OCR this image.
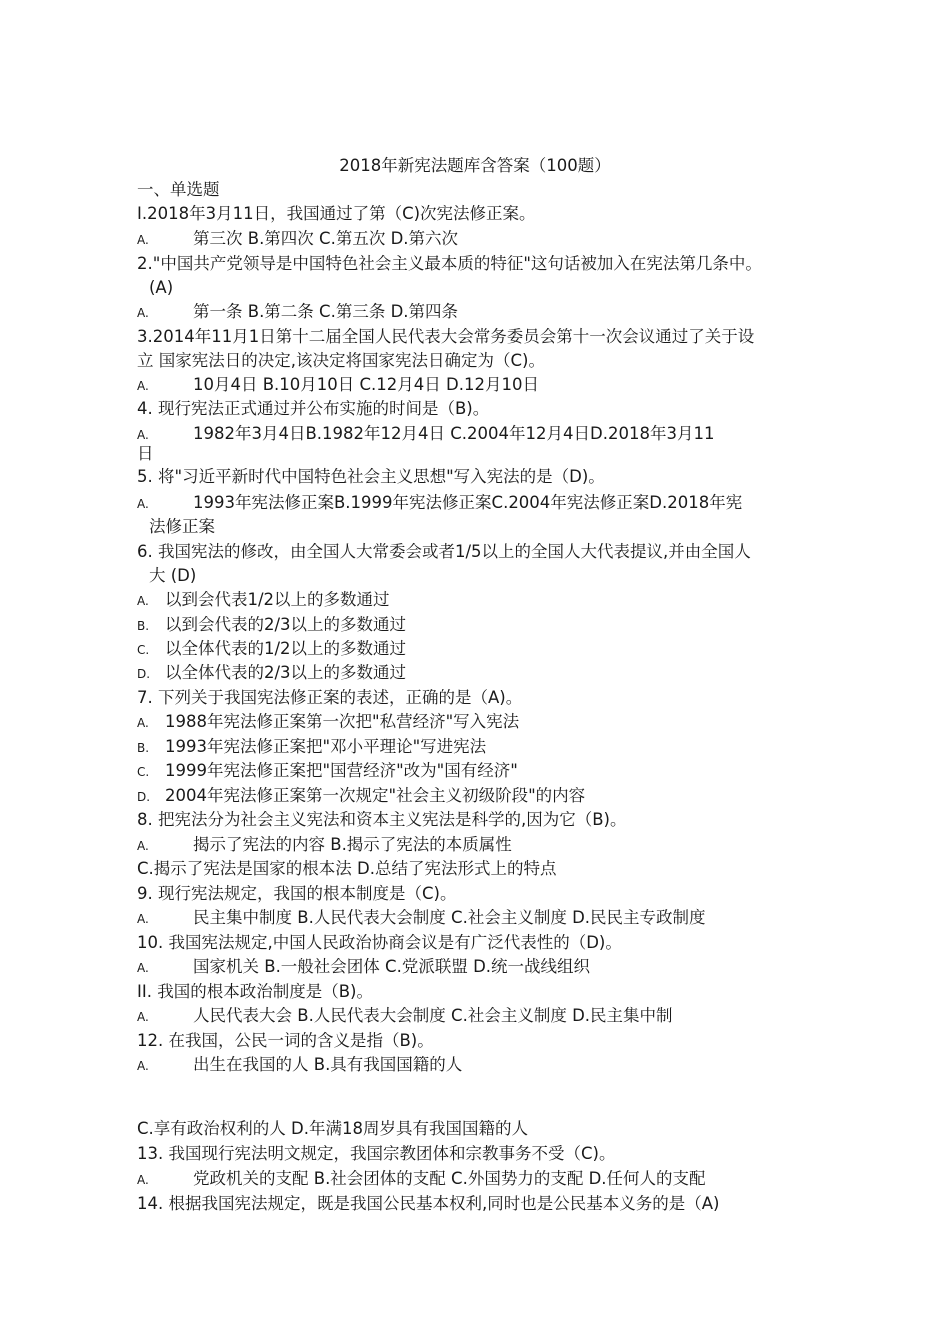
2018年新宪法题库含答案（100题）
一、单选题
I.2018年3月11日，我国通过了第（C)次宪法修正案。
A.	第三次 B.第四次 C.第五次 D.第六次
2."中国共产党领导是中国特色社会主义最本质的特征"这句话被加入在宪法第几条中。
(A)
A.	第一条 B.第二条 C.第三条 D.第四条
3.2014年11月1日第十二届全国人民代表大会常务委员会第十一次会议通过了关于设
立 国家宪法日的决定,该决定将国家宪法日确定为（C)。
A.	10月4日 B.10月10日 C.12月4日 D.12月10日
4. 现行宪法正式通过并公布实施的时间是（B)。
A.	1982年3月4日B.1982年12月4日 C.2004年12月4日D.2018年3月11
日
5. 将"习近平新时代中国特色社会主义思想"写入宪法的是（D)。
A.	1993年宪法修正案B.1999年宪法修正案C.2004年宪法修正案D.2018年宪
法修正案
6. 我国宪法的修改，由全国人大常委会或者1/5以上的全国人大代表提议,并由全国人
大 (D)
A. 以到会代表1/2以上的多数通过
B. 以到会代表的2/3以上的多数通过
C. 以全体代表的1/2以上的多数通过
D. 以全体代表的2/3以上的多数通过
7. 下列关于我国宪法修正案的表述，正确的是（A)。
A. 1988年宪法修正案第一次把"私营经济"写入宪法
B. 1993年宪法修正案把"邓小平理论"写进宪法
C. 1999年宪法修正案把"国营经济"改为"国有经济"
D. 2004年宪法修正案第一次规定"社会主义初级阶段"的内容
8. 把宪法分为社会主义宪法和资本主义宪法是科学的,因为它（B)。
A.	揭示了宪法的内容 B.揭示了宪法的本质属性
C.揭示了宪法是国家的根本法 D.总结了宪法形式上的特点
9. 现行宪法规定，我国的根本制度是（C)。
A.	民主集中制度 B.人民代表大会制度 C.社会主义制度 D.民民主专政制度
10. 我国宪法规定,中国人民政治协商会议是有广泛代表性的（D)。
A.	国家机关 B.一般社会团体 C.党派联盟 D.统一战线组织
II. 我国的根本政治制度是（B)。
A.	人民代表大会 B.人民代表大会制度 C.社会主义制度 D.民主集中制
12. 在我国，公民一词的含义是指（B)。
A.	出生在我国的人 B.具有我国国籍的人
C.享有政治权利的人 D.年满18周岁具有我国国籍的人
13. 我国现行宪法明文规定，我国宗教团体和宗教事务不受（C)。
A.	党政机关的支配 B.社会团体的支配 C.外国势力的支配 D.任何人的支配
14. 根据我国宪法规定，既是我国公民基本权利,同时也是公民基本义务的是（A)
